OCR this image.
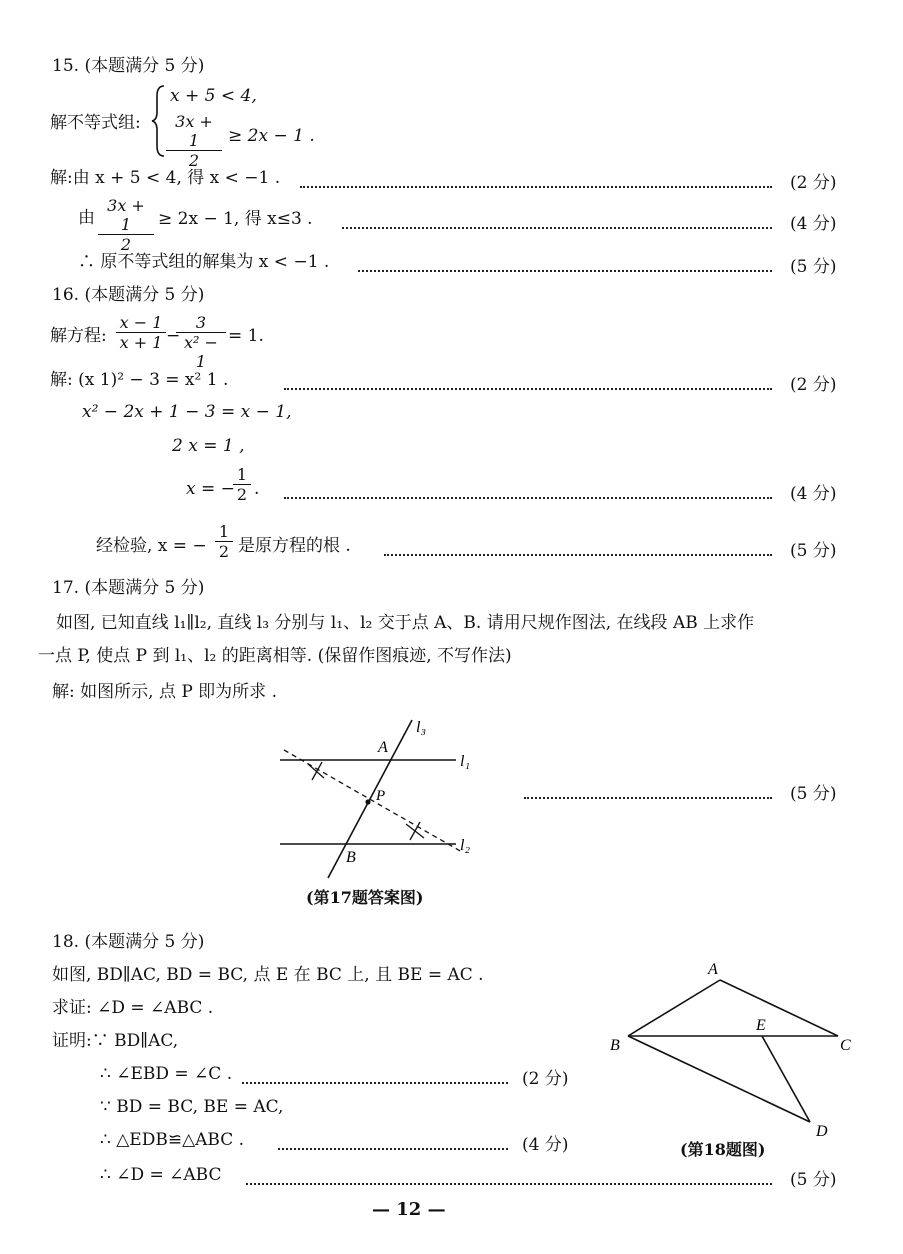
15. (本题满分 5 分)
解不等式组:
x + 5 < 4,
$\frac{3x + 1}{2} \ge 2x - 1$ .
解:由 x + 5 < 4, 得 x < −1 .	(2 分)
由 $\frac{3x + 1}{2} \ge 2x - 1$, 得 x≤3 .	(4 分)
∴ 原不等式组的解集为 x < −1 .	(5 分)
16. (本题满分 5 分)
解方程: $\frac{x - 1}{x + 1}$ −
$\frac{3}{\text{x² − 1}} = 1$.
解: (x 1)² − 3 = x² 1 .	(2 分)
x² − 2x + 1 − 3 = x − 1,
2 x = 1 ,
x = −
$\frac{1}{2}$ .	(4 分)
经检验, x = − $\frac{1}{2}$ 是原方程的根 .	(5 分)
17. (本题满分 5 分)
如图, 已知直线 l₁∥l₂, 直线 l₃ 分别与 l₁、l₂ 交于点 A、B. 请用尺规作图法, 在线段 AB 上求作
一点 P, 使点 P 到 l₁、l₂ 的距离相等. (保留作图痕迹, 不写作法)
解: 如图所示, 点 P 即为所求 .
A
B
P
l₁
l₂
l₃
(5 分)
(第17题答案图)
18. (本题满分 5 分)
如图, BD∥AC, BD = BC, 点 E 在 BC 上, 且 BE = AC .
求证: ∠D = ∠ABC .
证明:∵ BD∥AC,
∴ ∠EBD = ∠C .	(2 分)
∵ BD = BC, BE = AC,
∴ △EDB≌△ABC .	(4 分)
∴ ∠D = ∠ABC	(5 分)
A
B	C
D
E
(第18题图)
— 12 —
